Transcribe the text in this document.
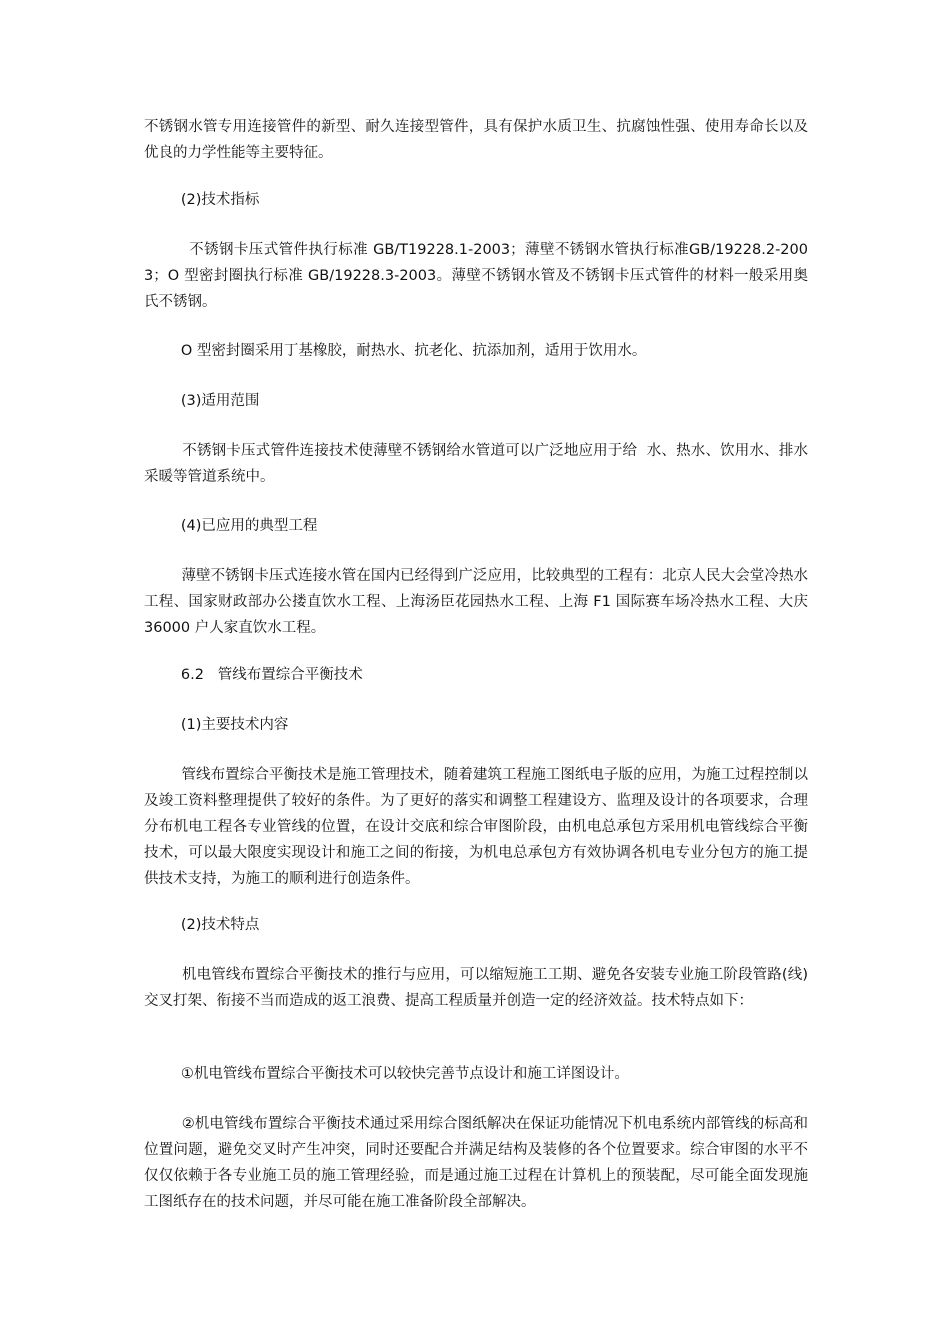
不锈钢水管专用连接管件的新型、耐久连接型管件，具有保护水质卫生、抗腐蚀性强、使用寿命长以及优良的力学性能等主要特征。

(2)技术指标

不锈钢卡压式管件执行标准 GB/T19228.1-2003；薄壁不锈钢水管执行标准GB/19228.2-2003；O 型密封圈执行标准 GB/19228.3-2003。薄壁不锈钢水管及不锈钢卡压式管件的材料一般采用奥氏不锈钢。

O 型密封圈采用丁基橡胶，耐热水、抗老化、抗添加剂，适用于饮用水。

(3)适用范围

不锈钢卡压式管件连接技术使薄壁不锈钢给水管道可以广泛地应用于给  水、热水、饮用水、排水采暖等管道系统中。

(4)已应用的典型工程

薄壁不锈钢卡压式连接水管在国内已经得到广泛应用，比较典型的工程有：北京人民大会堂冷热水工程、国家财政部办公搂直饮水工程、上海汤臣花园热水工程、上海 F1 国际赛车场冷热水工程、大庆 36000 户人家直饮水工程。

6.2   管线布置综合平衡技术

(1)主要技术内容

管线布置综合平衡技术是施工管理技术，随着建筑工程施工图纸电子版的应用，为施工过程控制以及竣工资料整理提供了较好的条件。为了更好的落实和调整工程建设方、监理及设计的各项要求，合理分布机电工程各专业管线的位置，在设计交底和综合审图阶段，由机电总承包方采用机电管线综合平衡技术，可以最大限度实现设计和施工之间的衔接，为机电总承包方有效协调各机电专业分包方的施工提供技术支持，为施工的顺利进行创造条件。

(2)技术特点

机电管线布置综合平衡技术的推行与应用，可以缩短施工工期、避免各安装专业施工阶段管路(线)交叉打架、衔接不当而造成的返工浪费、提高工程质量并创造一定的经济效益。技术特点如下：

①机电管线布置综合平衡技术可以较快完善节点设计和施工详图设计。

②机电管线布置综合平衡技术通过采用综合图纸解决在保证功能情况下机电系统内部管线的标高和位置问题，避免交叉时产生冲突，同时还要配合并满足结构及装修的各个位置要求。综合审图的水平不仅仅依赖于各专业施工员的施工管理经验，而是通过施工过程在计算机上的预装配，尽可能全面发现施工图纸存在的技术问题，并尽可能在施工准备阶段全部解决。
